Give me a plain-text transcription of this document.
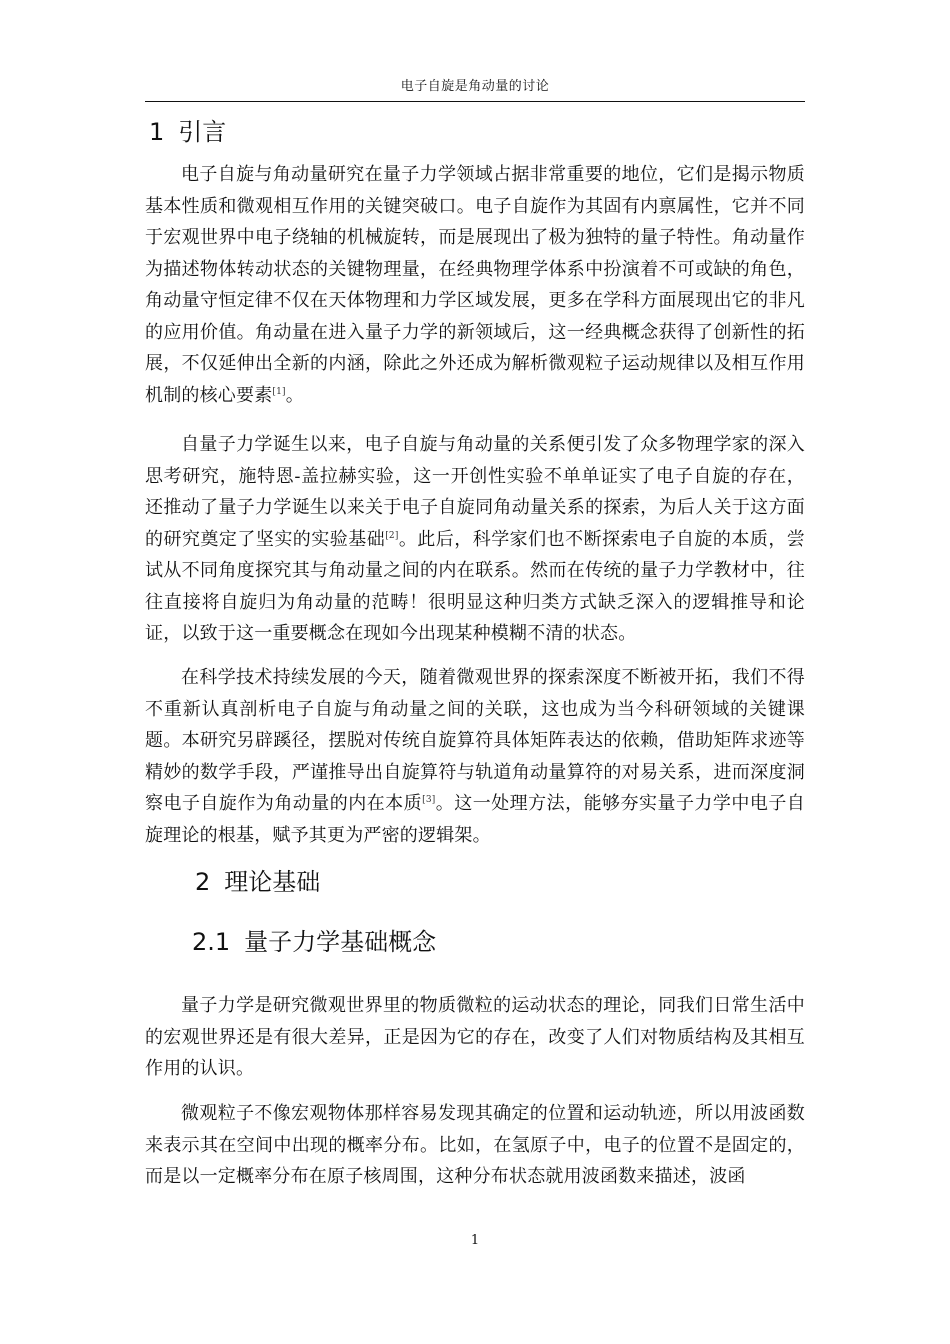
电子自旋是角动量的讨论
1 引言

电子自旋与角动量研究在量子力学领域占据非常重要的地位，它们是揭示物质基本性质和微观相互作用的关键突破口。电子自旋作为其固有内禀属性，它并不同于宏观世界中电子绕轴的机械旋转，而是展现出了极为独特的量子特性。角动量作为描述物体转动状态的关键物理量，在经典物理学体系中扮演着不可或缺的角色，角动量守恒定律不仅在天体物理和力学区域发展，更多在学科方面展现出它的非凡的应用价值。角动量在进入量子力学的新领域后，这一经典概念获得了创新性的拓展，不仅延伸出全新的内涵，除此之外还成为解析微观粒子运动规律以及相互作用机制的核心要素[1]。

自量子力学诞生以来，电子自旋与角动量的关系便引发了众多物理学家的深入思考研究，施特恩-盖拉赫实验，这一开创性实验不单单证实了电子自旋的存在，还推动了量子力学诞生以来关于电子自旋同角动量关系的探索，为后人关于这方面的研究奠定了坚实的实验基础[2]。此后，科学家们也不断探索电子自旋的本质，尝试从不同角度探究其与角动量之间的内在联系。然而在传统的量子力学教材中，往往直接将自旋归为角动量的范畴！很明显这种归类方式缺乏深入的逻辑推导和论证，以致于这一重要概念在现如今出现某种模糊不清的状态。

在科学技术持续发展的今天，随着微观世界的探索深度不断被开拓，我们不得不重新认真剖析电子自旋与角动量之间的关联，这也成为当今科研领域的关键课题。本研究另辟蹊径，摆脱对传统自旋算符具体矩阵表达的依赖，借助矩阵求迹等精妙的数学手段，严谨推导出自旋算符与轨道角动量算符的对易关系，进而深度洞察电子自旋作为角动量的内在本质[3]。这一处理方法，能够夯实量子力学中电子自旋理论的根基，赋予其更为严密的逻辑架。

2 理论基础
2.1 量子力学基础概念

量子力学是研究微观世界里的物质微粒的运动状态的理论，同我们日常生活中的宏观世界还是有很大差异，正是因为它的存在，改变了人们对物质结构及其相互作用的认识。

微观粒子不像宏观物体那样容易发现其确定的位置和运动轨迹，所以用波函数来表示其在空间中出现的概率分布。比如，在氢原子中，电子的位置不是固定的，而是以一定概率分布在原子核周围，这种分布状态就用波函数来描述，波函

1
